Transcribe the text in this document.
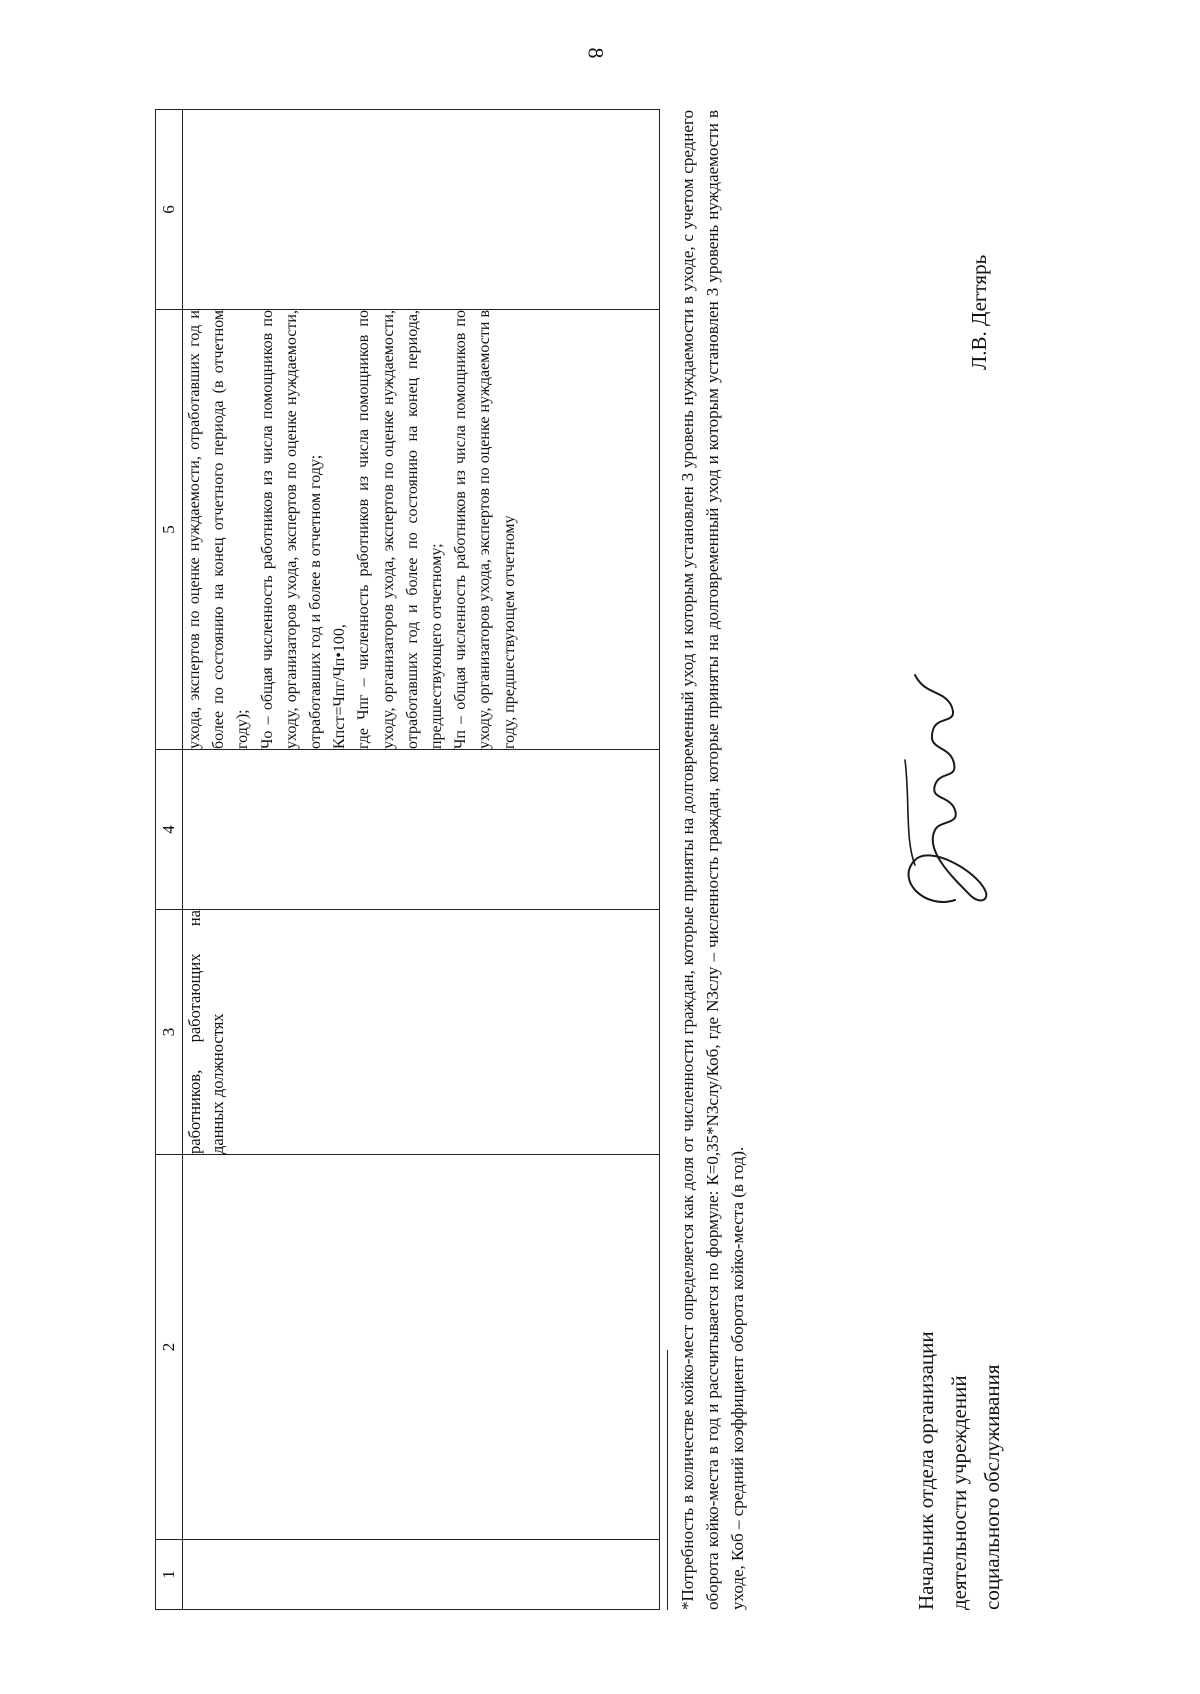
8
1	2	3	4	5	6
		работников, работающих на данных должностях		ухода, экспертов по оценке нуждаемости, отработавших год и более по состоянию на конец отчетного периода (в отчетном году); Чо – общая численность работников из числа помощников по уходу, организаторов ухода, экспертов по оценке нуждаемости, отработавших год и более в отчетном году; Кпст=Чпг/Чп•100, где Чпг – численность работников из числа помощников по уходу, организаторов ухода, экспертов по оценке нуждаемости, отработавших год и более по состоянию на конец периода, предшествующего отчетному; Чп – общая численность работников из числа помощников по уходу, организаторов ухода, экспертов по оценке нуждаемости в году, предшествующем отчетному	

		*Потребность в количестве койко-мест определяется как доля от численности граждан, которые приняты на долговременный уход и которым установлен 3 уровень нуждаемости в уходе, с учетом среднего оборота койко-места в год и рассчитывается по формуле: К=0,35*N3слу/Коб, где N3слу – численность граждан, которые приняты на долговременный уход и которым установлен 3 уровень нуждаемости в уходе, Коб – средний коэффициент оборота койко-места (в год).	Начальник отдела организации деятельности учреждений социального обслуживания
Л.В. Дегтярь
